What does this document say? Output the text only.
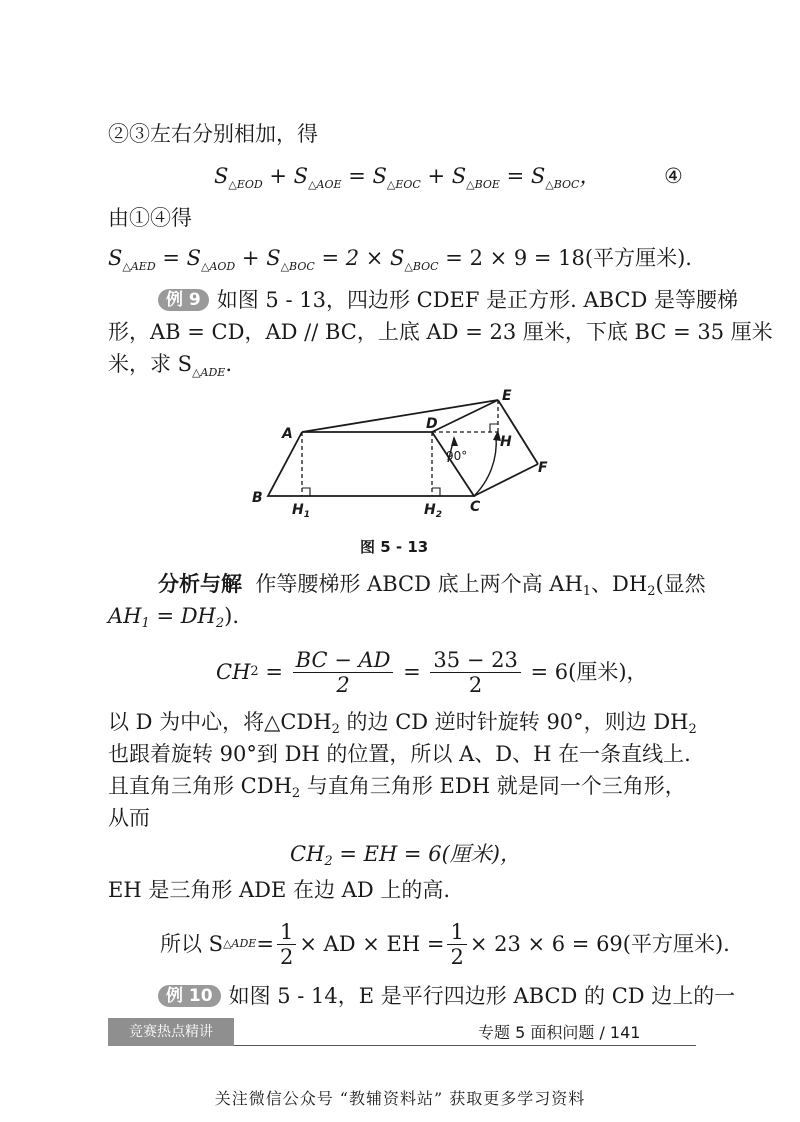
②③左右分别相加，得
$S_{\triangle EOD} + S_{\triangle AOE} = S_{\triangle EOC} + S_{\triangle BOE} = S_{\triangle BOC}$，	④
由①④得
$S_{\triangle AED} = S_{\triangle AOD} + S_{\triangle BOC} = 2 \times S_{\triangle BOC} = 2 \times 9 = 18$(平方厘米).
例 9 如图 5 - 13，四边形 CDEF 是正方形. ABCD 是等腰梯
形，AB = CD，AD // BC，上底 AD = 23 厘米，下底 BC = 35 厘米
米，求 $S_{\triangle ADE}$.
A
B
C
D
E
F
H
$H_1$	$H_2$
90°
图 5 - 13
分析与解 作等腰梯形 ABCD 底上两个高 AH1、DH2(显然
AH1 = DH2).
CH $2 = \frac{BC - AD}{2} = \frac{35 - 23}{2}$
= 6(厘米)，
以 D 为中心，将△CDH2 的边 CD 逆时针旋转 90°，则边 DH2
也跟着旋转 90°到 DH 的位置，所以 A、D、H 在一条直线上.
且直角三角形 CDH2 与直角三角形 EDH 就是同一个三角形，
从而
CH2 = EH = 6(厘米)，
EH 是三角形 ADE 在边 AD 上的高.
所以 S △ADE = $\frac{1}{2}$ × AD × EH = $\frac{1}{2} \times 23 \times 6 = 69$(平方厘米).
例 10 如图 5 - 14，E 是平行四边形 ABCD 的 CD 边上的一
竞赛热点精讲	专题 5 面积问题 / 141
关注微信公众号 “教辅资料站” 获取更多学习资料
